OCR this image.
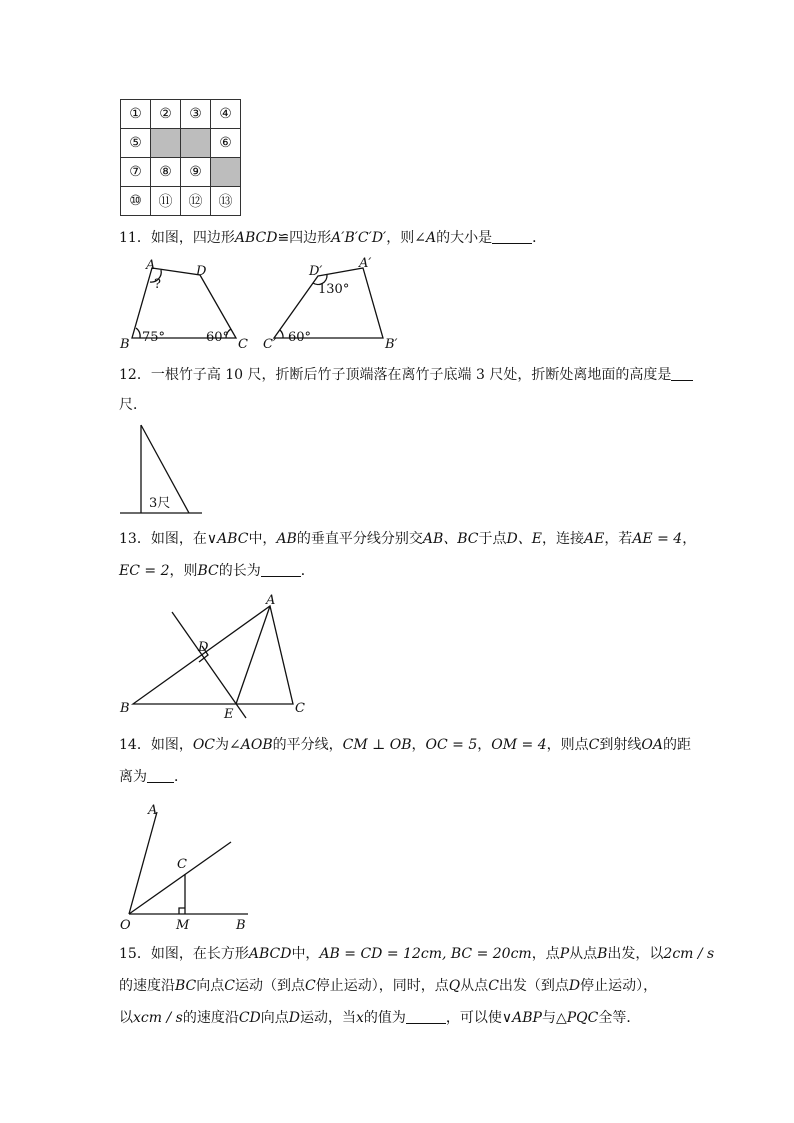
①	②	③	④
⑤			⑥
⑦	⑧	⑨	
⑩	⑪	⑫	⑬
11．如图，四边形ABCD≌四边形A′B′C′D′，则∠A的大小是	．
A	D
?
B 75°	60° C
D′
A′
130°
C′ 60°	B′
3尺
A
D
B	E	C
A
C
O	M	B
12．一根竹子高 10 尺，折断后竹子顶端落在离竹子底端 3 尺处，折断处离地面的高度是
尺．
13．如图，在∨ABC中，AB的垂直平分线分别交AB、BC于点D、E，连接AE，若AE = 4，
EC = 2，则BC的长为	．
14．如图，OC为∠AOB的平分线，CM ⊥ OB，OC = 5，OM = 4，则点C到射线OA的距
离为 ．
15．如图，在长方形ABCD中，AB = CD = 12cm, BC = 20cm，点P从点B出发，以2cm / s
的速度沿BC向点C运动（到点C停止运动），同时，点Q从点C出发（到点D停止运动），
以xcm / s的速度沿CD向点D运动，当x的值为	，可以使∨ABP与△PQC全等．
